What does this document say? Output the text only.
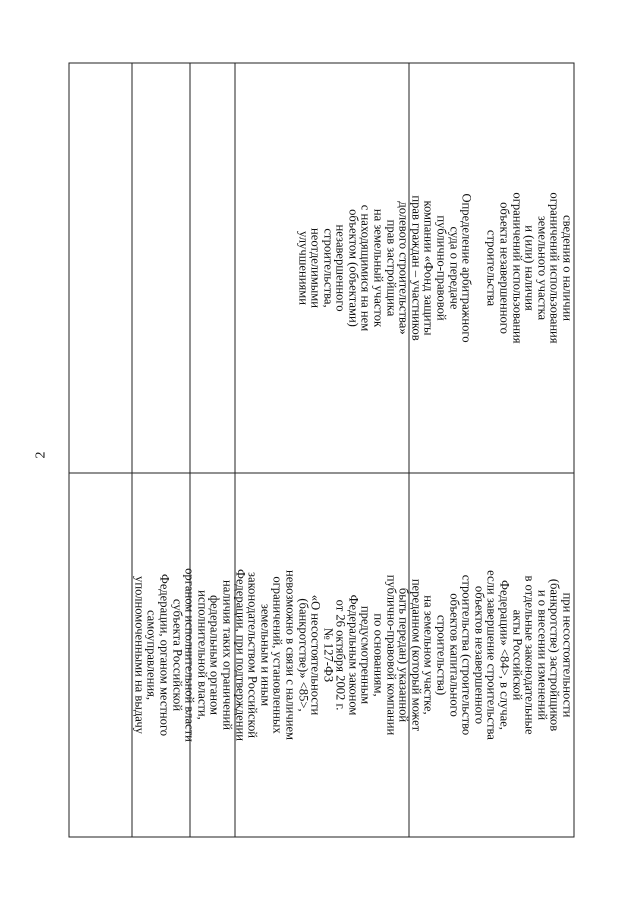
2

сведения о наличии
ограничений использования
земельного участка
и (или) наличия
ограничений использования
объекта незавершенного
строительства

Определение арбитражного
суда о передаче
публично-правовой
компании «Фонд защиты
прав граждан – участников
долевого строительства»
прав застройщика
на земельный участок
с находящимися на нем
объектом (объектами)
незавершенного
строительства,
неотделимыми
улучшениями

при несостоятельности
(банкротстве) застройщиков
и о внесении изменений
в отдельные законодательные
акты Российской
Федерации» <84>, в случае,
если завершение строительства
объектов незавершенного
строительства (строительство
объектов капитального
строительства)
на земельном участке,
переданном (который может
быть передан) указанной
публично-правовой компании
по основаниям,
предусмотренным
Федеральным законом
от 26 октября 2002 г.
№ 127-ФЗ
«О несостоятельности
(банкротстве)» <85>,
невозможно в связи с наличием
ограничений, установленных
земельным и иным
законодательством Российской
Федерации, при подтверждении
наличия таких ограничений
федеральным органом
исполнительной власти,
органом исполнительной власти
субъекта Российской
Федерации, органом местного
самоуправления,
уполномоченными на выдачу
